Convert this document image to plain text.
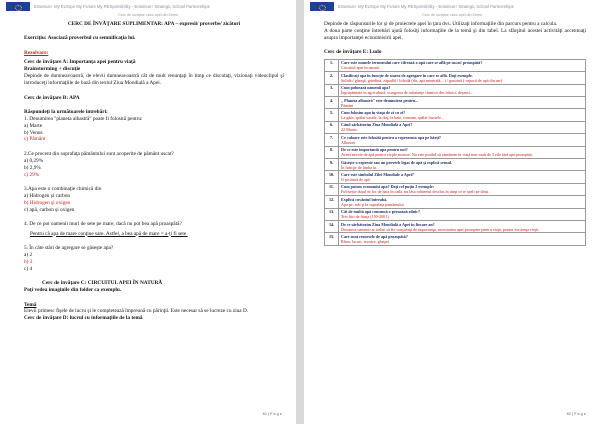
Erasmus+ My EUrope My FUture My RESponsibility - Erasmus+ Strategic School Partnerships
Cerc de învăţare ciclul apei din Zetea

CERC DE ÎNVĂŢARE SUPLIMENTAR: APA – expresii/ proverbe/ zicători

Exerciţiu: Asociază proverbul cu semnificaţia lui.

Rezolvare:

Cerc de învăţare A: Importanţa apei pentru viaţă

Brainstorming + discuţie

Depinde de dumneavoastră, de elevii dumneavoastră cât de mult renunţaţi în timp ce discutaţi, vizionaţi videoclipul şi introduceţi informaţiile de bază din textul Ziua Mondială a Apei.

Cerc de învăţare B: APA

Răspundeţi la următoarele întrebări:

1. Denumirea "planeta albastră" poate fi folosită pentru:

a) Marte

b) Venus

c) Pământ

2.Ce procent din suprafaţa pământului sunt acoperite de pământ uscat?

a) 0,29%

b) 2,9%

c) 29%

3.Apa este o combinaţie chimică din

a) Hidrogen şi carbon

b) Hidrogen şi oxigen

c) apă, carbon şi oxigen

4. De ce pot oamenii muri de sete pe mare, dacă nu pot bea apă proaspătă?

Pentru că apa de mare conţine sare. Astfel, a bea apă de mare = a-ţi fi sete.

5. În câte stări de agregare se găseşte apa?

a) 2

b) 3

c) 4

Cerc de învăţare C: CIRCUITUL APEI ÎN NATURĂ

Poţi vedea imaginile din folder ca exemplu.

Temă

Elevii primesc fişele de lucru şi le completează împreună cu părinţii. Este necesar să se lucreze cu ziua D.

Cerc de învăţare D: lucrul cu informaţiile de la temă

61 | P a g e
Erasmus+ My EUrope My FUture My RESponsibility - Erasmus+ Strategic School Partnerships
Cerc de învăţare ciclul apei din Zetea

Depinde de răspunsurile lor şi de proiectele apei în ţara dvs. Utilizaţi informaţiile din parcurs pentru a calcula.

A doua parte conţine întrebări ajută folosiţi informaţiile de la temă şi din tabel. La sfârşitul acestei activităţi accentuaţi asupra importanţei economisirii apei.

Cerc de învăţare E: Ludo

1.	Care este numele termenului care cifrează o apă care se află pe uscat/ proaspătă?
Circuitul apei în natură.

2.	Clasificaţi apa în funcţie de starea de agregare în care se află. Daţi exemple.
Solidă ( gheaţă, grindină, zăpadă) / lichidă (rîu, apă minerală,...) / gazoasă ( vaporii de apă din aer)

3.	Cum poluează oamenii apa?
Îngrăşăminte în agricultură, scurgerea de substanţe chimice din fabrici, deşeuri...

4.	„ Planeta albastră" este denumirea pentru...
Pământ

5.	Cum folosim apa în viaţa de zi cu zi?
La gătit, spălat vasele, la duş, la baie, consum, spălat fructele...

6.	Când sărbătorim Ziua Mondială a Apei?
22 Martie

7.	Ce culoare este folosită pentru a reprezenta apa pe hărţi?
Albastră

8.	De ce este importantă apa pentru noi?
Avem nevoie de apă pentru vieţile noastre. Nu este posibil să rămânem în viaţă mai mult de 3 zile fără apă proaspătă.

9.	Găseşte o expresie sau un proverb legat de apă şi explică sensul.
În funcţie de limba ta.

10.	Care este simbolul Zilei Mondiale a Apei?
O picătură de apă

11.	Cum putem economisi apa? Daţi cel puţin 2 exemple:
Folosește dușul în loc de baia în cadă, nu lăsa robinetul deschis în timp ce te speli pe dinţi.

12.	Explică cuvântul întreabă.
Apa pe, sub şi la suprafaţa pământului

13.	Cât de multă apă consumă o persoană zilnic?
Trei litri de fiinţa (150-200 l)

14.	De ce sărbătorim Ziua Mondială a Apei în fiecare an?
Deoarece oamenii ar trebui să fie conştienţi de importanţa, necesitatea apei proaspete pentru viaţă, pentru existenţa vieţii.

15.	Care sunt resursele de apă proaspătă?
Râuri, lacuri, izvoare, gheţari
62 | P a g e
